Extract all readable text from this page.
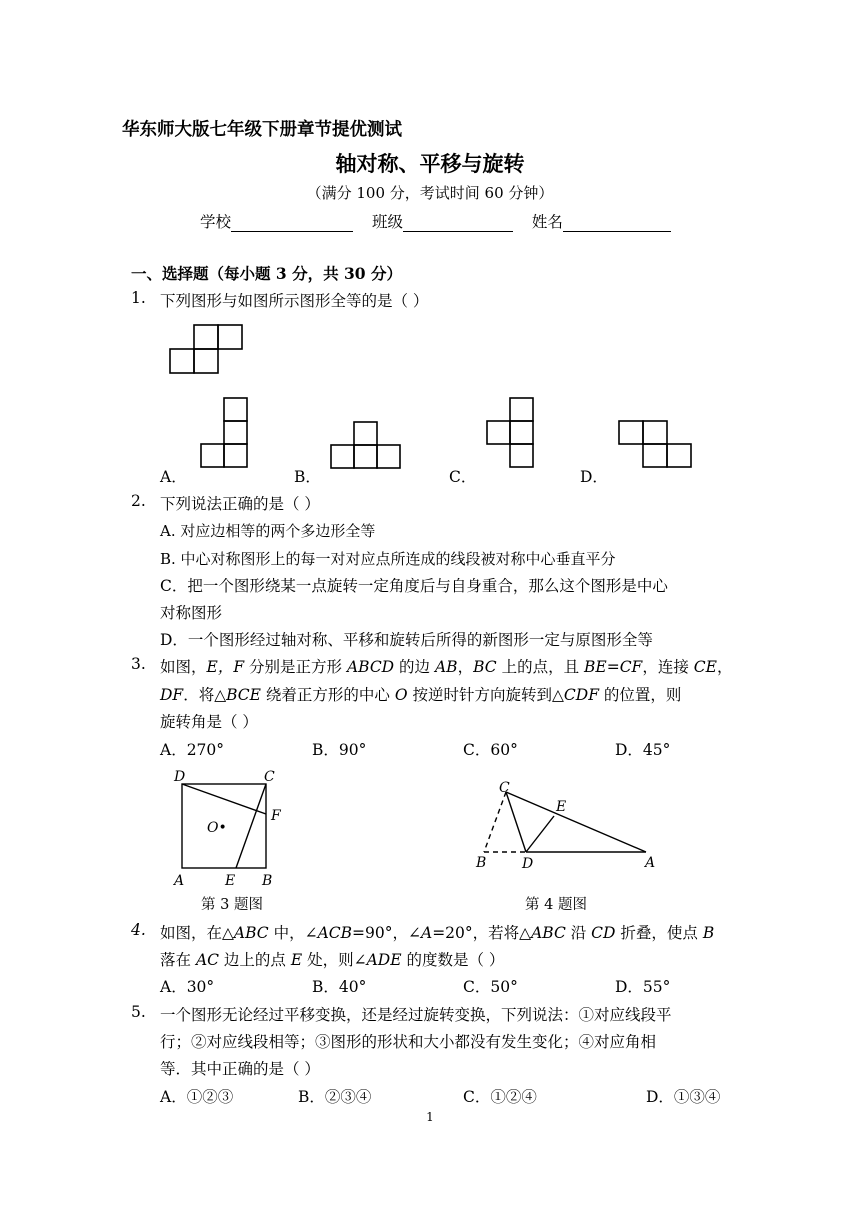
华东师大版七年级下册章节提优测试
轴对称、平移与旋转
（满分 100 分，考试时间 60 分钟）
学校	班级	姓名
一、选择题（每小题 3 分，共 30 分）
1. 下列图形与如图所示图形全等的是（ ）
A．	B．	C．	D．
2. 下列说法正确的是（ ）
A. 对应边相等的两个多边形全等
B. 中心对称图形上的每一对对应点所连成的线段被对称中心垂直平分
C．把一个图形绕某一点旋转一定角度后与自身重合，那么这个图形是中心
对称图形
D．一个图形经过轴对称、平移和旋转后所得的新图形一定与原图形全等
3. 如图，E，F 分别是正方形 ABCD 的边 AB，BC 上的点，且 BE=CF，连接 CE，
DF．将△BCE 绕着正方形的中心 O 按逆时针方向旋转到△CDF 的位置，则
旋转角是（ ）
A．270°	B．90°	C．60°	D．45°
D	C
F
O•
A	E B
第 3 题图
C
E
B	D	A
第 4 题图
4. 如图，在△ABC 中，∠ACB=90°，∠A=20°，若将△ABC 沿 CD 折叠，使点 B
落在 AC 边上的点 E 处，则∠ADE 的度数是（ ）
A．30°	B．40°	C．50°	D．55°
5. 一个图形无论经过平移变换，还是经过旋转变换，下列说法：①对应线段平
行；②对应线段相等；③图形的形状和大小都没有发生变化；④对应角相
等．其中正确的是（ ）
A．①②③	B．②③④	C．①②④	D．①③④
1
